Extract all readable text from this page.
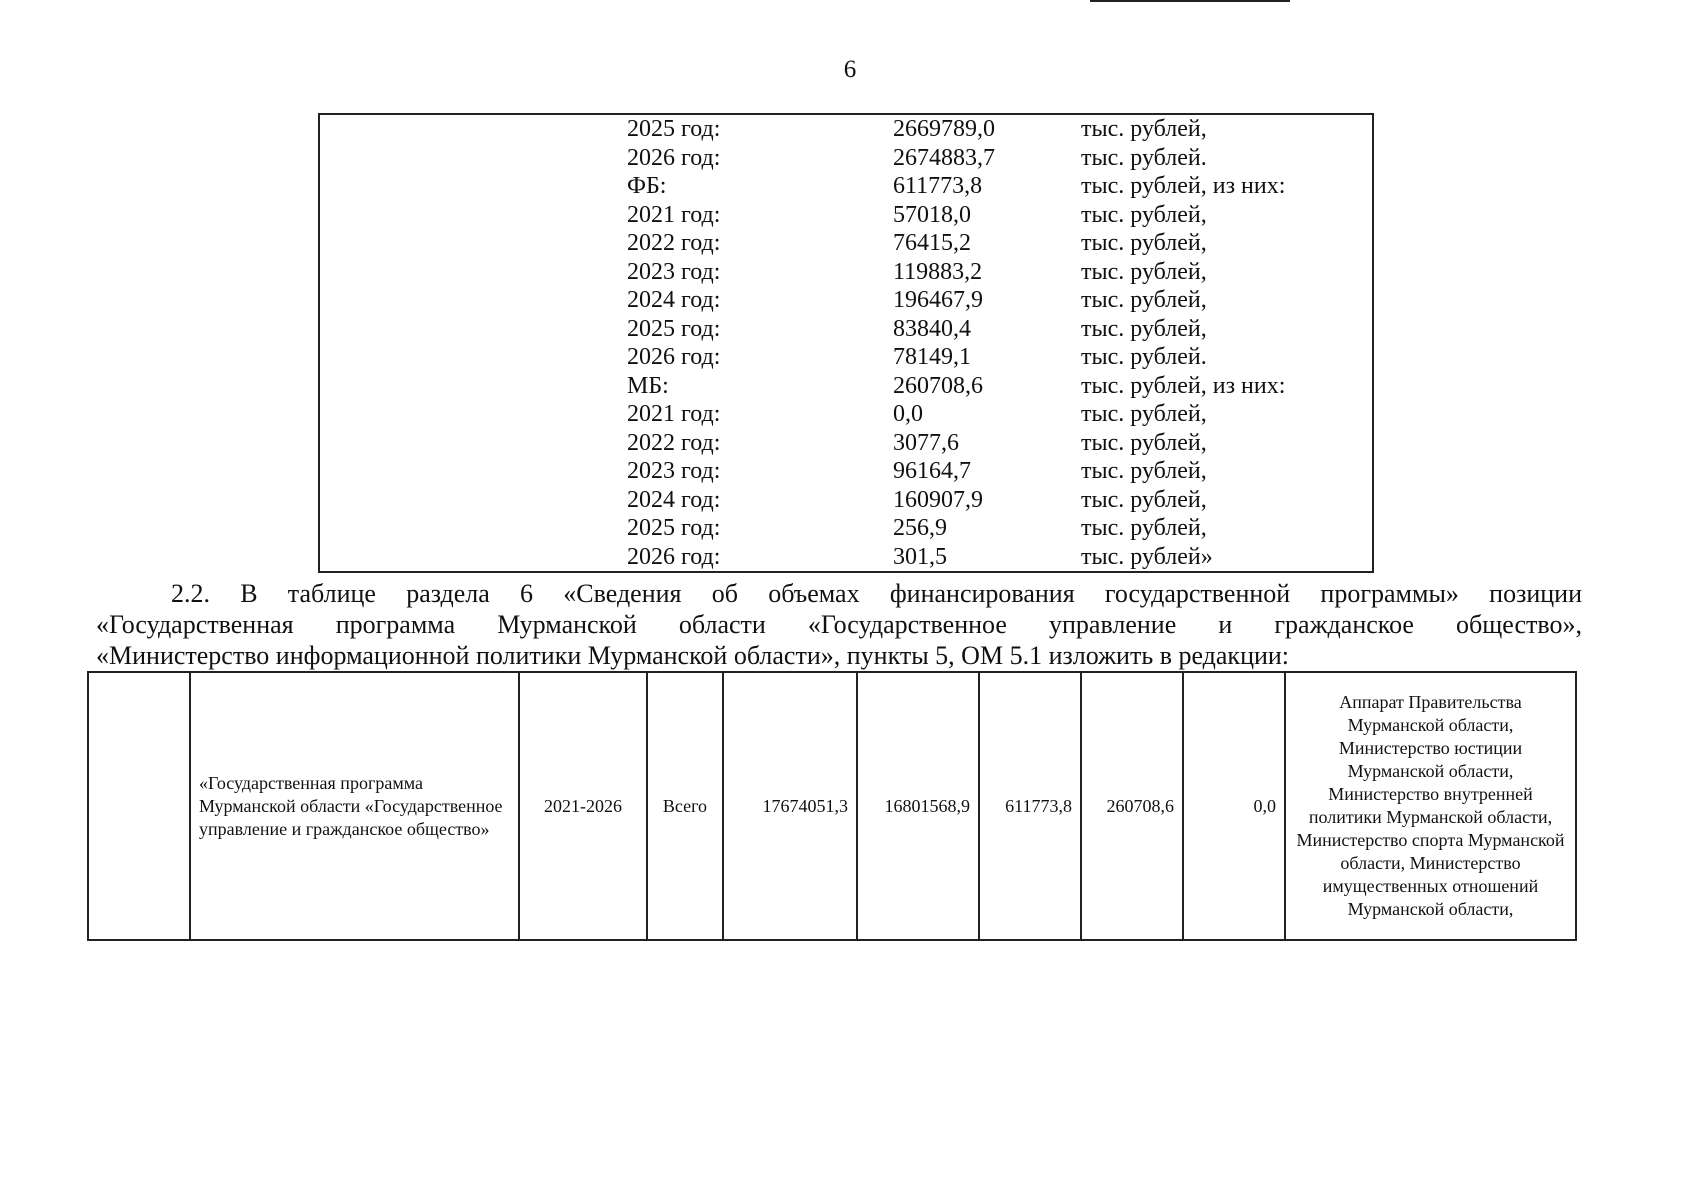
6
2025 год:	2669789,0	тыс. рублей,
2026 год:	2674883,7	тыс. рублей.
ФБ:	611773,8	тыс. рублей, из них:
2021 год:	57018,0	тыс. рублей,
2022 год:	76415,2	тыс. рублей,
2023 год:	119883,2	тыс. рублей,
2024 год:	196467,9	тыс. рублей,
2025 год:	83840,4	тыс. рублей,
2026 год:	78149,1	тыс. рублей.
МБ:	260708,6	тыс. рублей, из них:
2021 год:	0,0	тыс. рублей,
2022 год:	3077,6	тыс. рублей,
2023 год:	96164,7	тыс. рублей,
2024 год:	160907,9	тыс. рублей,
2025 год:	256,9	тыс. рублей,
2026 год:	301,5	тыс. рублей»
2.2. В таблице раздела 6 «Сведения об объемах финансирования государственной программы» позиции
«Государственная программа Мурманской области «Государственное управление и гражданское общество»,
«Министерство информационной политики Мурманской области», пункты 5, ОМ 5.1 изложить в редакции:
	«Государственная программа Мурманской области «Государственное управление и гражданское общество»	2021-2026	Всего	17674051,3	16801568,9	611773,8	260708,6	0,0	Аппарат Правительства Мурманской области, Министерство юстиции Мурманской области, Министерство внутренней политики Мурманской области, Министерство спорта Мурманской области, Министерство имущественных отношений Мурманской области,
